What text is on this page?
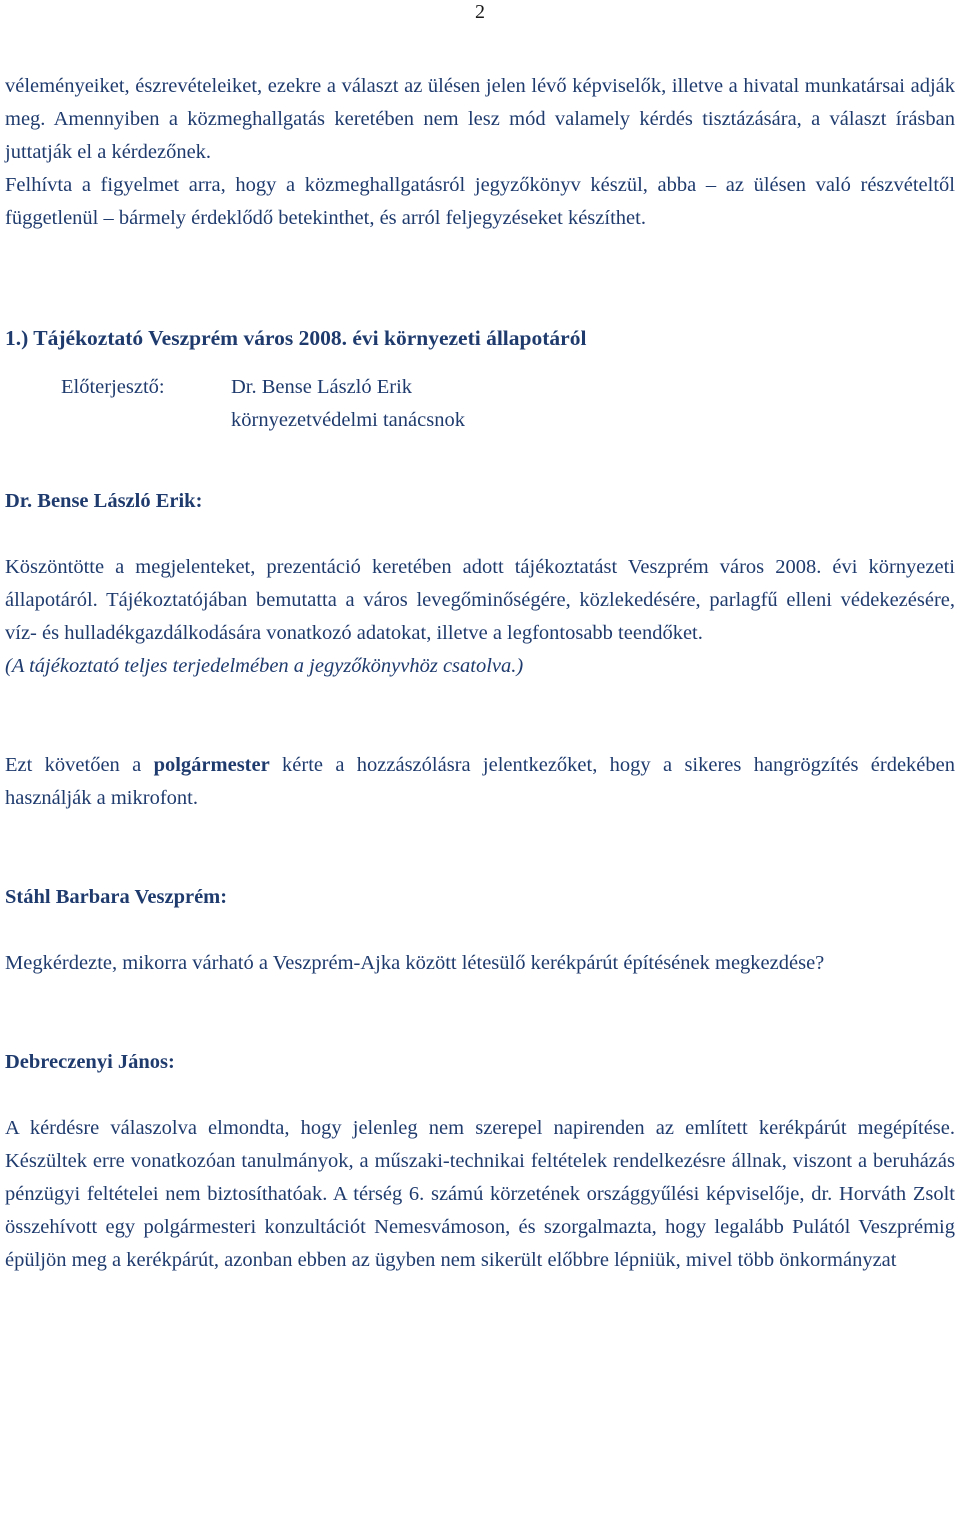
2

véleményeiket, észrevételeiket, ezekre a választ az ülésen jelen lévő képviselők, illetve a hivatal munkatársai adják meg. Amennyiben a közmeghallgatás keretében nem lesz mód valamely kérdés tisztázására, a választ írásban juttatják el a kérdezőnek.

Felhívta a figyelmet arra, hogy a közmeghallgatásról jegyzőkönyv készül, abba – az ülésen való részvételtől függetlenül – bármely érdeklődő betekinthet, és arról feljegyzéseket készíthet.

1.) Tájékoztató Veszprém város 2008. évi környezeti állapotáról
Előterjesztő:	Dr. Bense László Erik
környezetvédelmi tanácsnok

Dr. Bense László Erik:

Köszöntötte a megjelenteket, prezentáció keretében adott tájékoztatást Veszprém város 2008. évi környezeti állapotáról. Tájékoztatójában bemutatta a város levegőminőségére, közlekedésére, parlagfű elleni védekezésére, víz- és hulladékgazdálkodására vonatkozó adatokat, illetve a legfontosabb teendőket.

(A tájékoztató teljes terjedelmében a jegyzőkönyvhöz csatolva.)

Ezt követően a polgármester kérte a hozzászólásra jelentkezőket, hogy a sikeres hangrögzítés érdekében használják a mikrofont.

Stáhl Barbara Veszprém:

Megkérdezte, mikorra várható a Veszprém-Ajka között létesülő kerékpárút építésének megkezdése?

Debreczenyi János:

A kérdésre válaszolva elmondta, hogy jelenleg nem szerepel napirenden az említett kerékpárút megépítése. Készültek erre vonatkozóan tanulmányok, a műszaki-technikai feltételek rendelkezésre állnak, viszont a beruházás pénzügyi feltételei nem biztosíthatóak. A térség 6. számú körzetének országgyűlési képviselője, dr. Horváth Zsolt összehívott egy polgármesteri konzultációt Nemesvámoson, és szorgalmazta, hogy legalább Pulától Veszprémig épüljön meg a kerékpárút, azonban ebben az ügyben nem sikerült előbbre lépniük, mivel több önkormányzat
